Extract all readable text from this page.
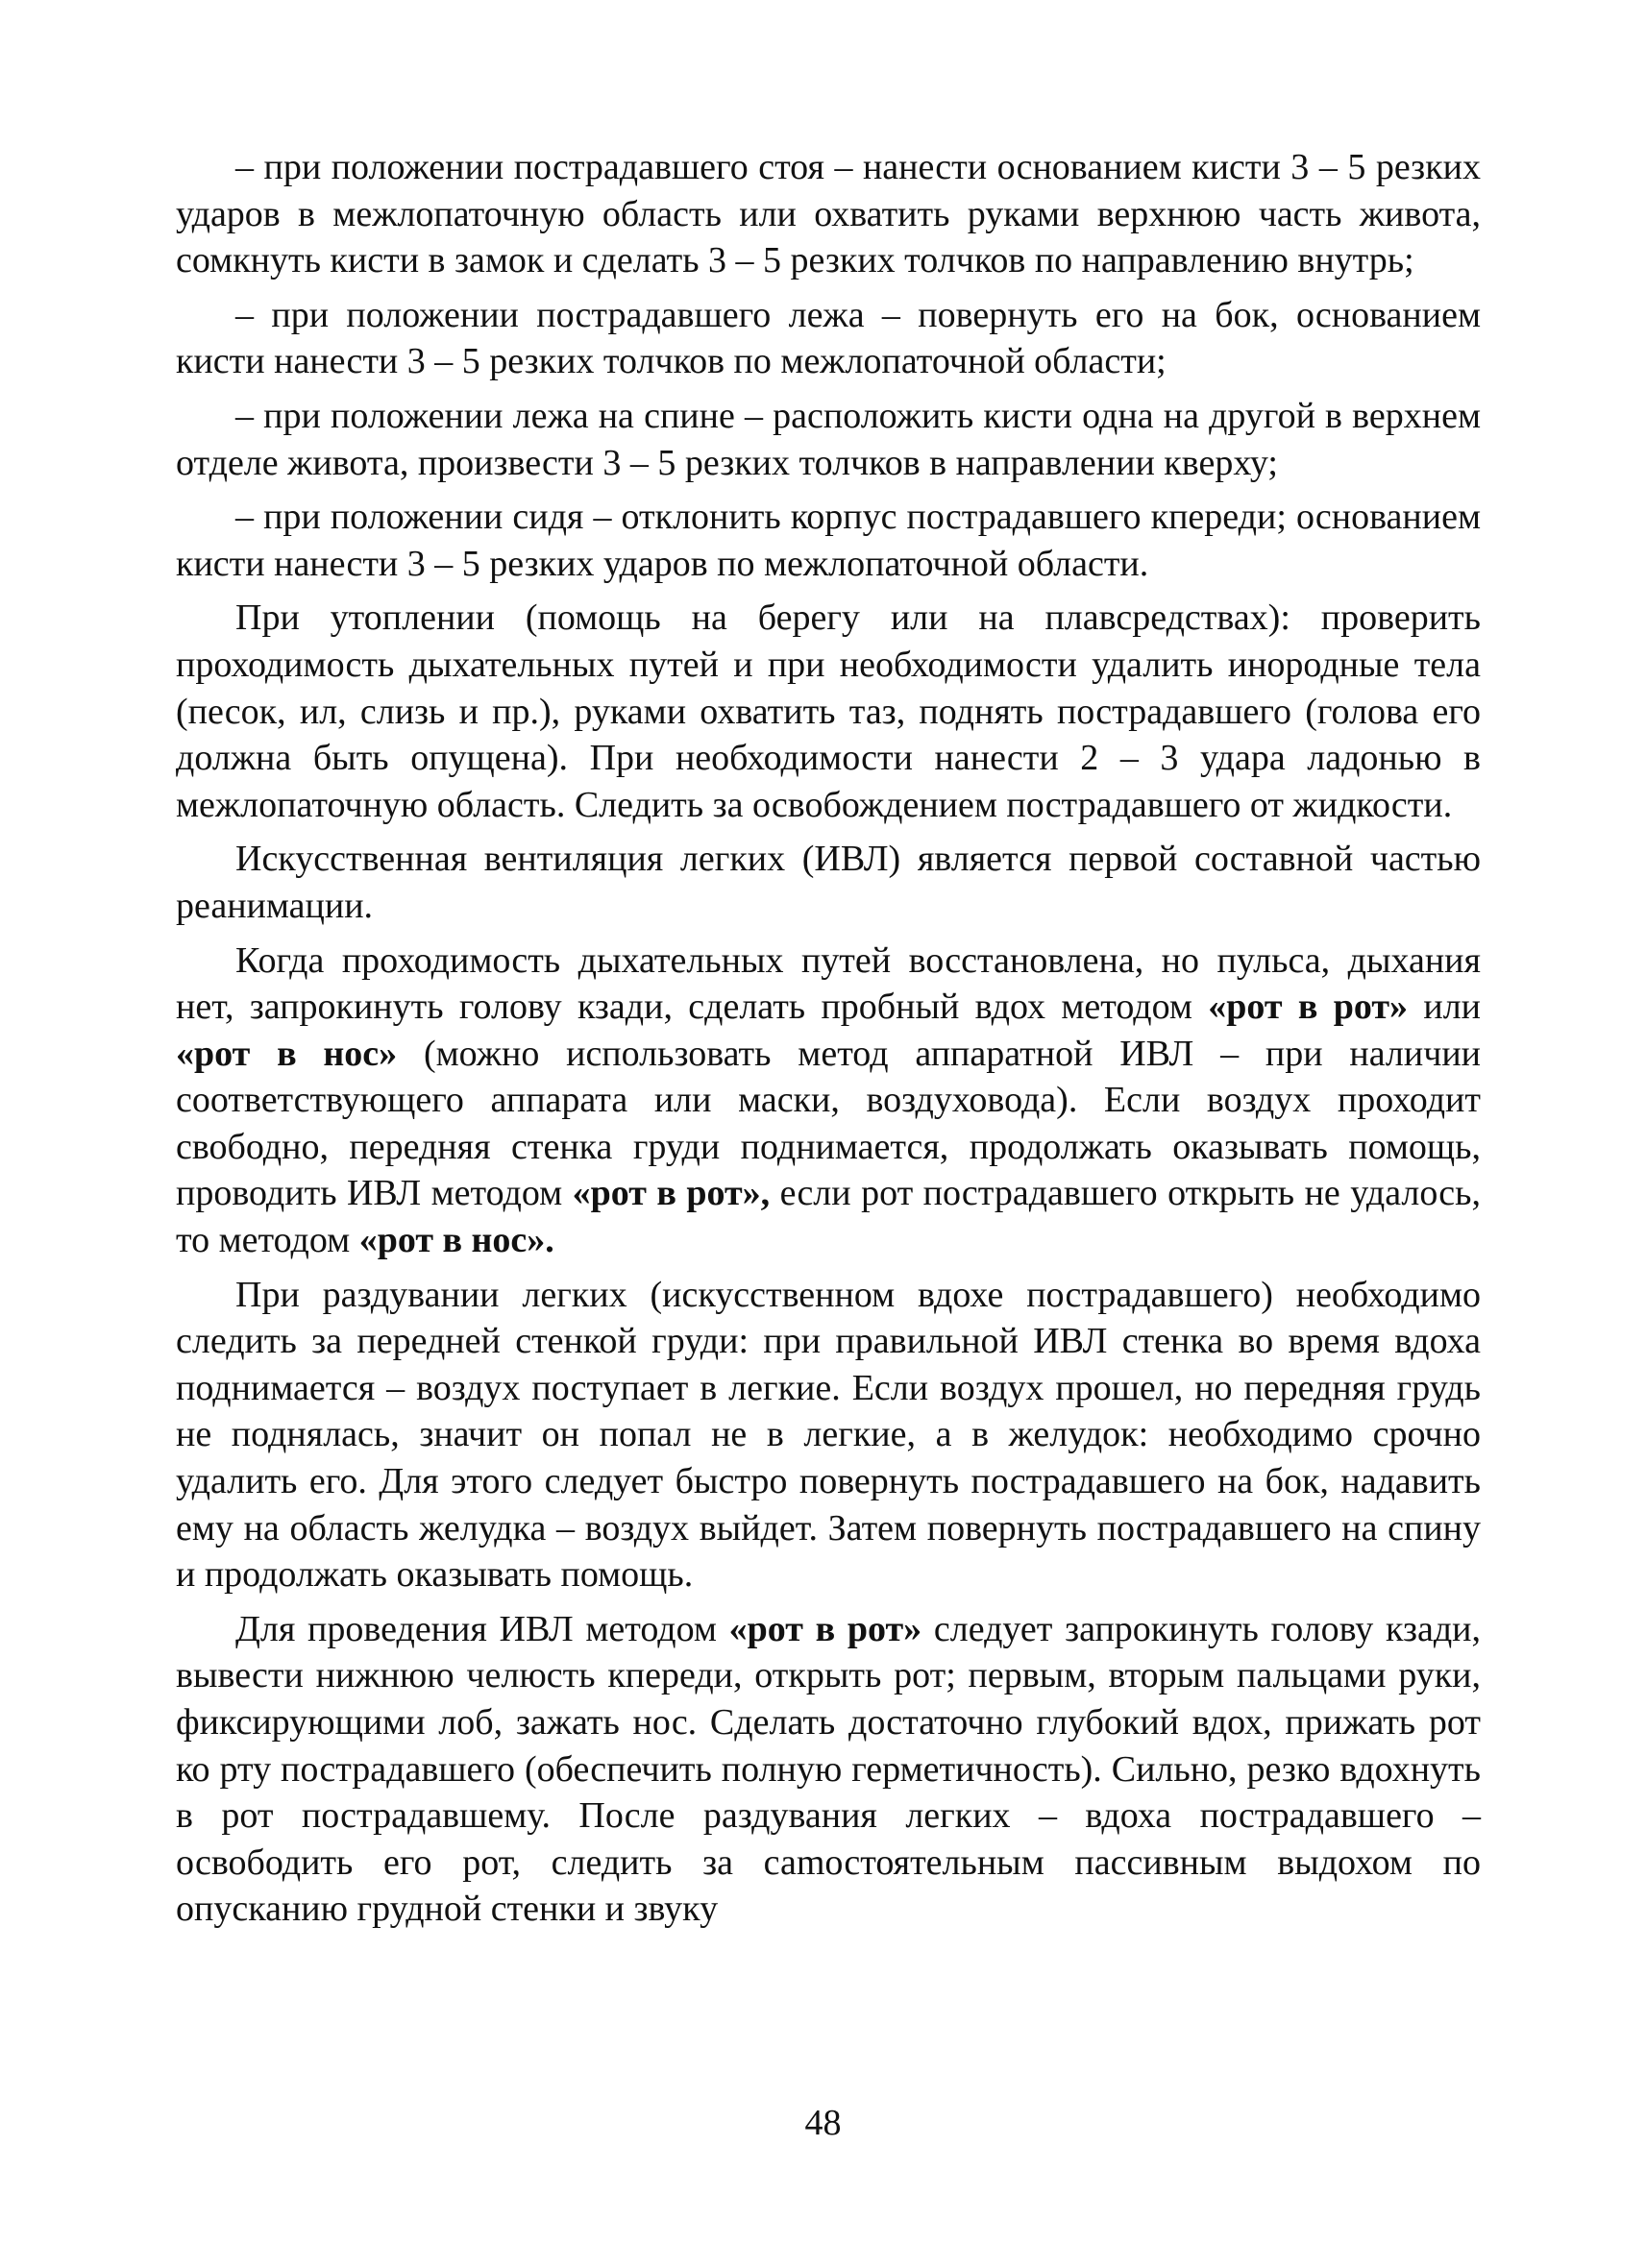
– при положении пострадавшего стоя – нанести основанием кисти 3 – 5 резких ударов в межлопаточную область или охватить руками верхнюю часть живота, сомкнуть кисти в замок и сделать 3 – 5 резких толчков по направлению внутрь;

– при положении пострадавшего лежа – повернуть его на бок, основанием кисти нанести 3 – 5 резких толчков по межлопаточной области;

– при положении лежа на спине – расположить кисти одна на другой в верхнем отделе живота, произвести 3 – 5 резких толчков в направлении кверху;

– при положении сидя – отклонить корпус пострадавшего кпереди; основанием кисти нанести 3 – 5 резких ударов по межлопаточной области.

При утоплении (помощь на берегу или на плавсредствах): проверить проходимость дыхательных путей и при необходимости удалить инородные тела (песок, ил, слизь и пр.), руками охватить таз, поднять пострадавшего (голова его должна быть опущена). При необходимости нанести 2 – 3 удара ладонью в межлопаточную область. Следить за освобождением пострадавшего от жидкости.

Искусственная вентиляция легких (ИВЛ) является первой составной частью реанимации.

Когда проходимость дыхательных путей восстановлена, но пульса, дыхания нет, запрокинуть голову кзади, сделать пробный вдох методом «рот в рот» или «рот в нос» (можно использовать метод аппаратной ИВЛ – при наличии соответствующего аппарата или маски, воздуховода). Если воздух проходит свободно, передняя стенка груди поднимается, продолжать оказывать помощь, проводить ИВЛ методом «рот в рот», если рот пострадавшего открыть не удалось, то методом «рот в нос».

При раздувании легких (искусственном вдохе пострадавшего) необходимо следить за передней стенкой груди: при правильной ИВЛ стенка во время вдоха поднимается – воздух поступает в легкие. Если воздух прошел, но передняя грудь не поднялась, значит он попал не в легкие, а в желудок: необходимо срочно удалить его. Для этого следует быстро повернуть пострадавшего на бок, надавить ему на область желудка – воздух выйдет. Затем повернуть пострадавшего на спину и продолжать оказывать помощь.

Для проведения ИВЛ методом «рот в рот» следует запрокинуть голову кзади, вывести нижнюю челюсть кпереди, открыть рот; первым, вторым пальцами руки, фиксирующими лоб, зажать нос. Сделать достаточно глубокий вдох, прижать рот ко рту пострадавшего (обеспечить полную герметичность). Сильно, резко вдохнуть в рот пострадавшему. После раздувания легких – вдоха пострадавшего – освободить его рот, следить за саmостоятельным пассивным выдохом по опусканию грудной стенки и звуку

48
